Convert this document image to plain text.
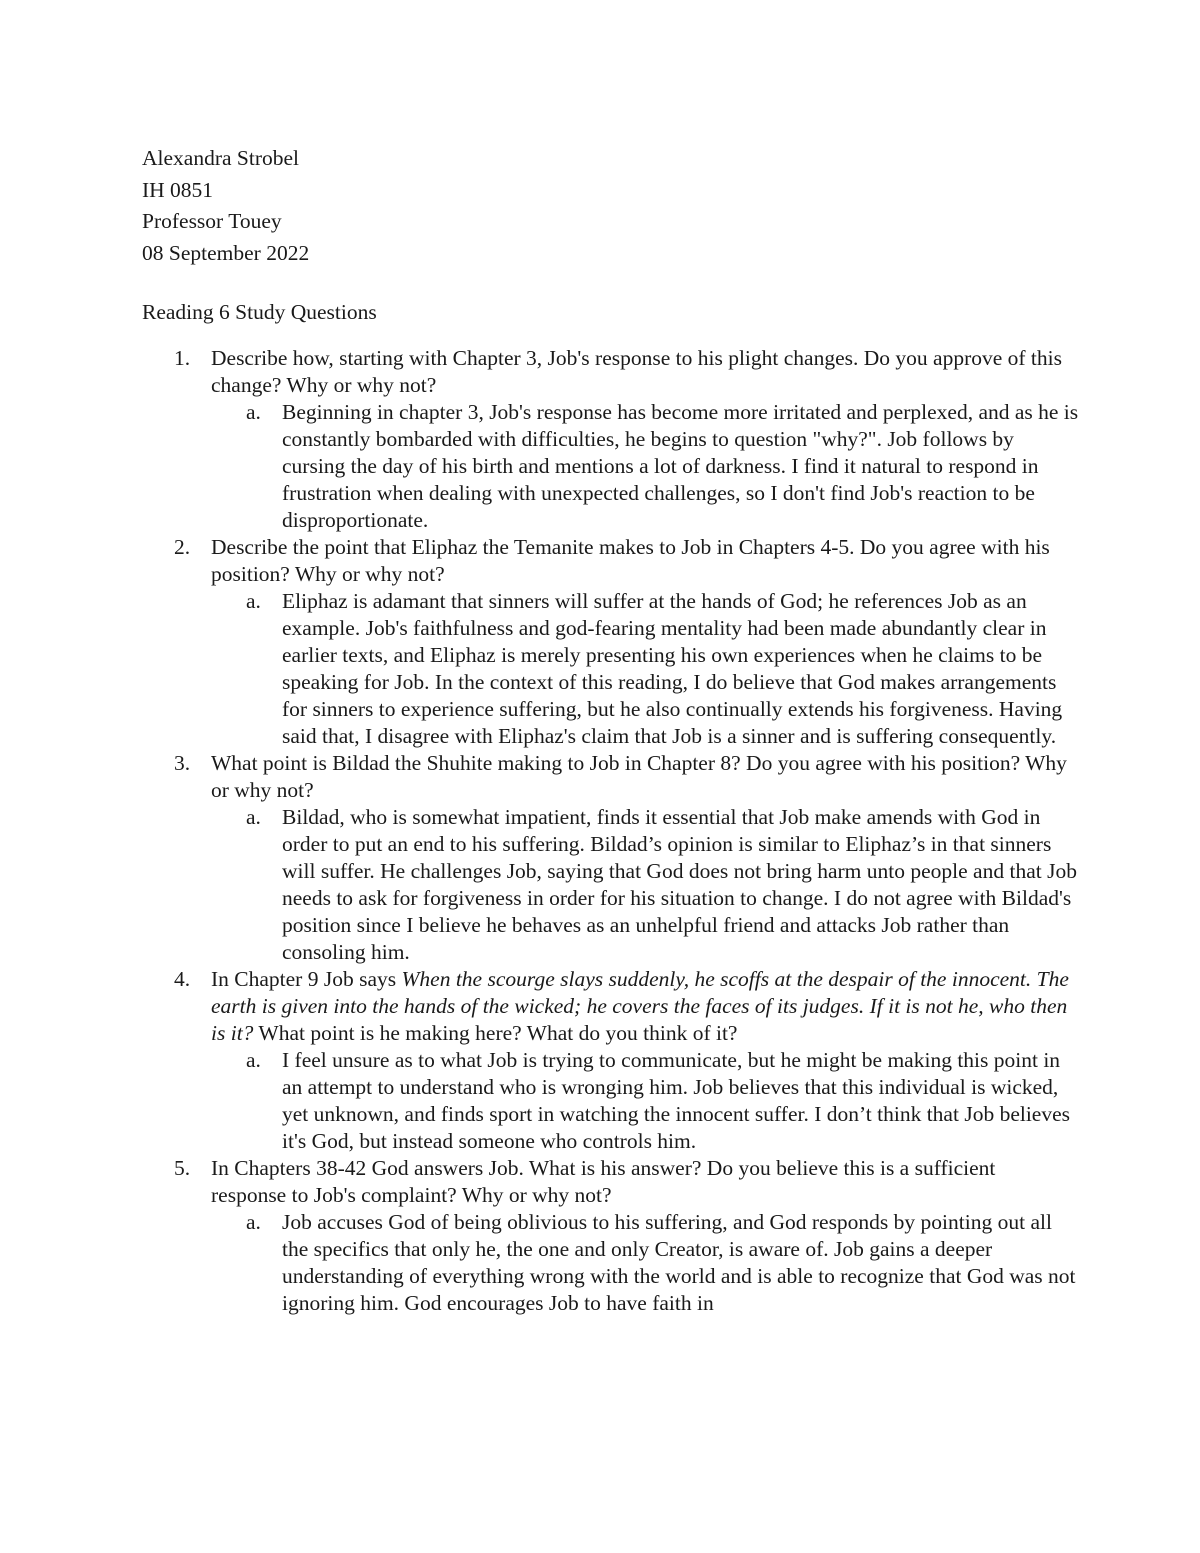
Alexandra Strobel
IH 0851
Professor Touey
08 September 2022
Reading 6 Study Questions
1. Describe how, starting with Chapter 3, Job's response to his plight changes. Do you approve of this change? Why or why not?
a. Beginning in chapter 3, Job's response has become more irritated and perplexed, and as he is constantly bombarded with difficulties, he begins to question "why?". Job follows by cursing the day of his birth and mentions a lot of darkness. I find it natural to respond in frustration when dealing with unexpected challenges, so I don't find Job's reaction to be disproportionate.
2. Describe the point that Eliphaz the Temanite makes to Job in Chapters 4-5. Do you agree with his position? Why or why not?
a. Eliphaz is adamant that sinners will suffer at the hands of God; he references Job as an example. Job's faithfulness and god-fearing mentality had been made abundantly clear in earlier texts, and Eliphaz is merely presenting his own experiences when he claims to be speaking for Job. In the context of this reading, I do believe that God makes arrangements for sinners to experience suffering, but he also continually extends his forgiveness. Having said that, I disagree with Eliphaz's claim that Job is a sinner and is suffering consequently.
3. What point is Bildad the Shuhite making to Job in Chapter 8? Do you agree with his position? Why or why not?
a. Bildad, who is somewhat impatient, finds it essential that Job make amends with God in order to put an end to his suffering. Bildad’s opinion is similar to Eliphaz’s in that sinners will suffer. He challenges Job, saying that God does not bring harm unto people and that Job needs to ask for forgiveness in order for his situation to change. I do not agree with Bildad's position since I believe he behaves as an unhelpful friend and attacks Job rather than consoling him.
4. In Chapter 9 Job says When the scourge slays suddenly, he scoffs at the despair of the innocent. The earth is given into the hands of the wicked; he covers the faces of its judges. If it is not he, who then is it? What point is he making here? What do you think of it?
a. I feel unsure as to what Job is trying to communicate, but he might be making this point in an attempt to understand who is wronging him. Job believes that this individual is wicked, yet unknown, and finds sport in watching the innocent suffer. I don’t think that Job believes it's God, but instead someone who controls him.
5. In Chapters 38-42 God answers Job. What is his answer? Do you believe this is a sufficient response to Job's complaint? Why or why not?
a. Job accuses God of being oblivious to his suffering, and God responds by pointing out all the specifics that only he, the one and only Creator, is aware of. Job gains a deeper understanding of everything wrong with the world and is able to recognize that God was not ignoring him. God encourages Job to have faith in
